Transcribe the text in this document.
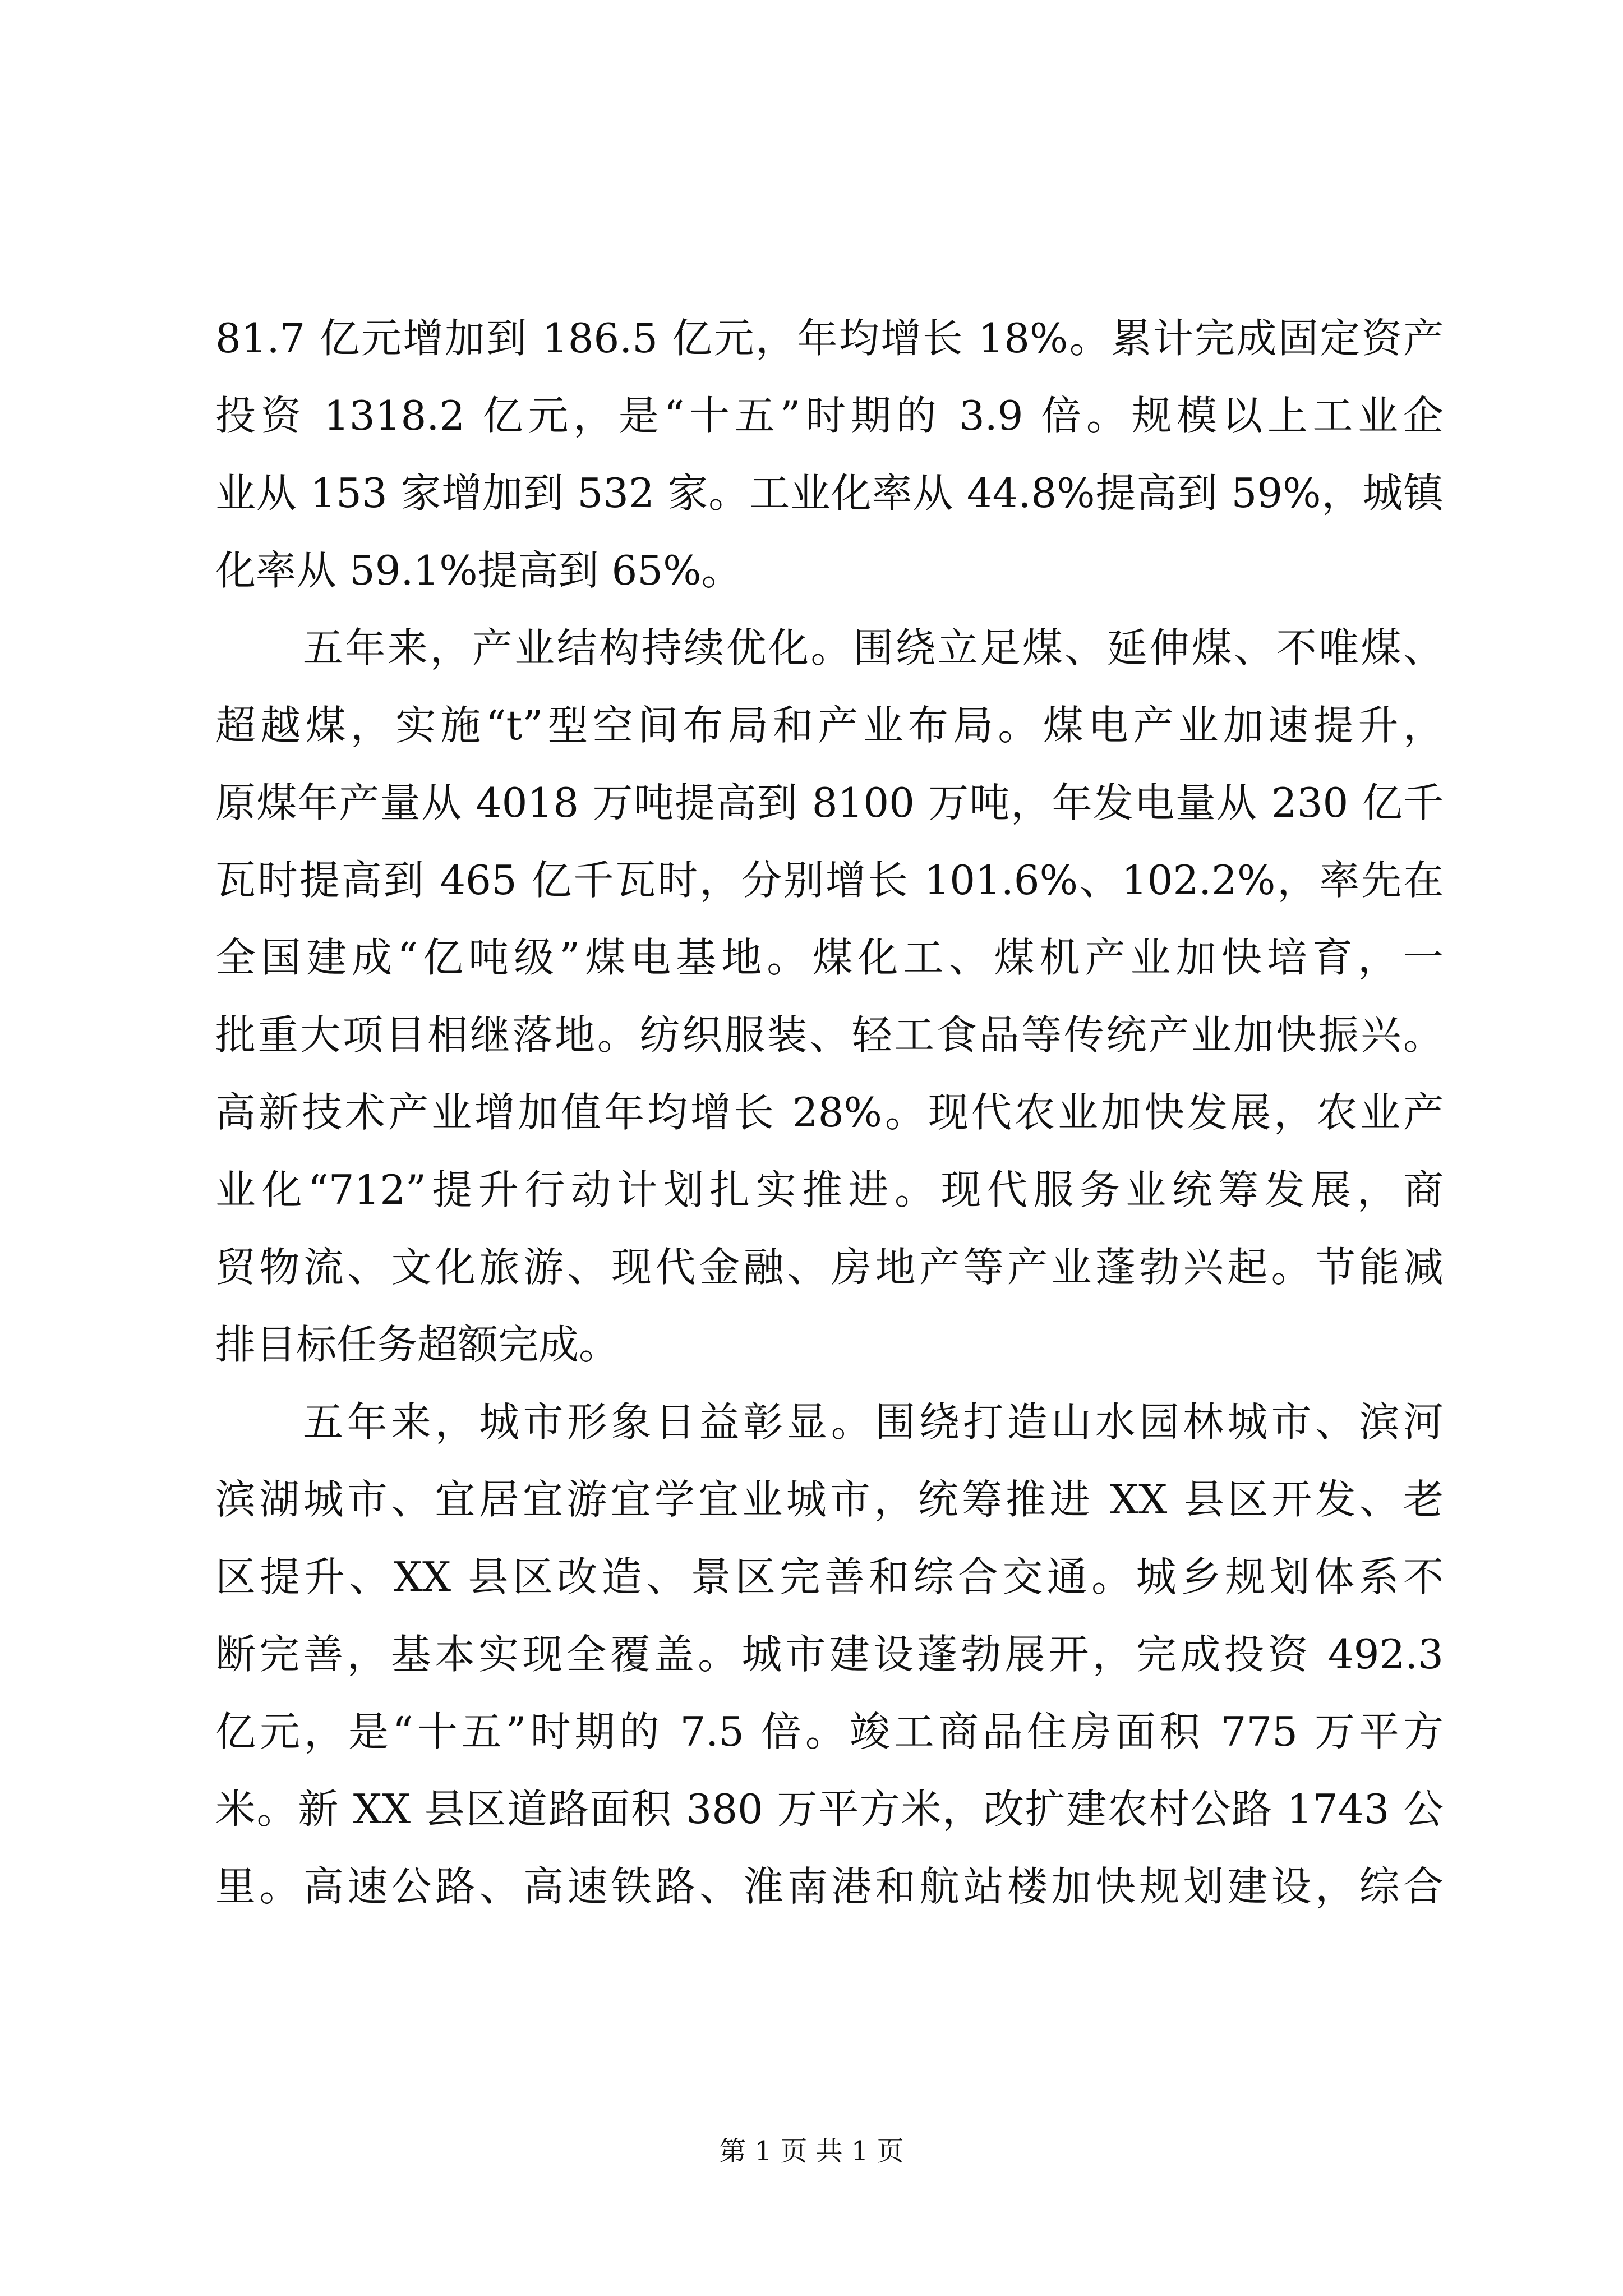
81.7 亿元增加到 186.5 亿元，年均增长 18%。累计完成固定资产
投资 1318.2 亿元，是“十五”时期的 3.9 倍。规模以上工业企
业从 153 家增加到 532 家。工业化率从 44.8%提高到 59%，城镇
化率从 59.1%提高到 65%。
五年来，产业结构持续优化。围绕立足煤、延伸煤、不唯煤、
超越煤，实施“t”型空间布局和产业布局。煤电产业加速提升，
原煤年产量从 4018 万吨提高到 8100 万吨，年发电量从 230 亿千
瓦时提高到 465 亿千瓦时，分别增长 101.6%、102.2%，率先在
全国建成“亿吨级”煤电基地。煤化工、煤机产业加快培育，一
批重大项目相继落地。纺织服装、轻工食品等传统产业加快振兴。
高新技术产业增加值年均增长 28%。现代农业加快发展，农业产
业化“712”提升行动计划扎实推进。现代服务业统筹发展，商
贸物流、文化旅游、现代金融、房地产等产业蓬勃兴起。节能减
排目标任务超额完成。
五年来，城市形象日益彰显。围绕打造山水园林城市、滨河
滨湖城市、宜居宜游宜学宜业城市，统筹推进 XX 县区开发、老
区提升、XX 县区改造、景区完善和综合交通。城乡规划体系不
断完善，基本实现全覆盖。城市建设蓬勃展开，完成投资 492.3
亿元，是“十五”时期的 7.5 倍。竣工商品住房面积 775 万平方
米。新 XX 县区道路面积 380 万平方米，改扩建农村公路 1743 公
里。高速公路、高速铁路、淮南港和航站楼加快规划建设，综合
第 1 页 共 1 页
